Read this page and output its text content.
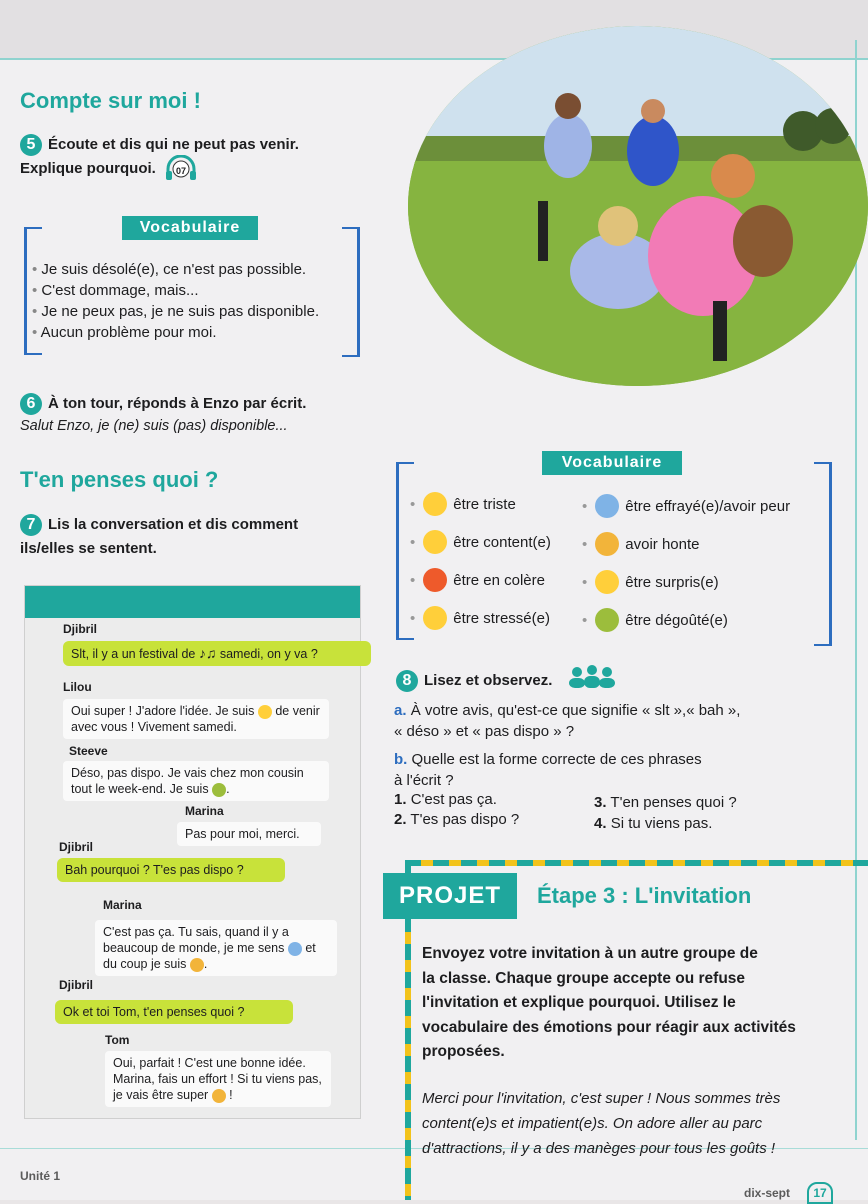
Compte sur moi !
5 Écoute et dis qui ne peut pas venir.
Explique pourquoi.	07
Vocabulaire
• Je suis désolé(e), ce n'est pas possible.
• C'est dommage, mais...
• Je ne peux pas, je ne suis pas disponible.
• Aucun problème pour moi.
6 À ton tour, réponds à Enzo par écrit.
Salut Enzo, je (ne) suis (pas) disponible...
T'en penses quoi ?
7 Lis la conversation et dis comment
ils/elles se sentent.
Djibril
Slt, il y a un festival de ♪♫ samedi, on y va ?
Lilou
Oui super ! J'adore l'idée. Je suis de venir avec vous ! Vivement samedi.
Steeve
Déso, pas dispo. Je vais chez mon cousin tout le week-end. Je suis .
Marina
Pas pour moi, merci.
Djibril
Bah pourquoi ? T'es pas dispo ?
Marina
C'est pas ça. Tu sais, quand il y a beaucoup de monde, je me sens et du coup je suis .
Djibril
Ok et toi Tom, t'en penses quoi ?
Tom
Oui, parfait ! C'est une bonne idée. Marina, fais un effort ! Si tu viens pas, je vais être super !
Vocabulaire
•	être triste
•	être content(e)
•	être en colère
•	être stressé(e)
•	être effrayé(e)/avoir peur
•	avoir honte
•	être surpris(e)
•	être dégoûté(e)
8 Lisez et observez.
a. À votre avis, qu'est-ce que signifie « slt »,« bah »,
« déso » et « pas dispo » ?
b. Quelle est la forme correcte de ces phrases
à l'écrit ?
1. C'est pas ça.
2. T'es pas dispo ?
3. T'en penses quoi ?
4. Si tu viens pas.
PROJET	Étape 3 : L'invitation
Envoyez votre invitation à un autre groupe de
la classe. Chaque groupe accepte ou refuse
l'invitation et explique pourquoi. Utilisez le
vocabulaire des émotions pour réagir aux activités
proposées.
Merci pour l'invitation, c'est super ! Nous sommes très
content(e)s et impatient(e)s. On adore aller au parc
d'attractions, il y a des manèges pour tous les goûts !
Unité 1
dix-sept	17
